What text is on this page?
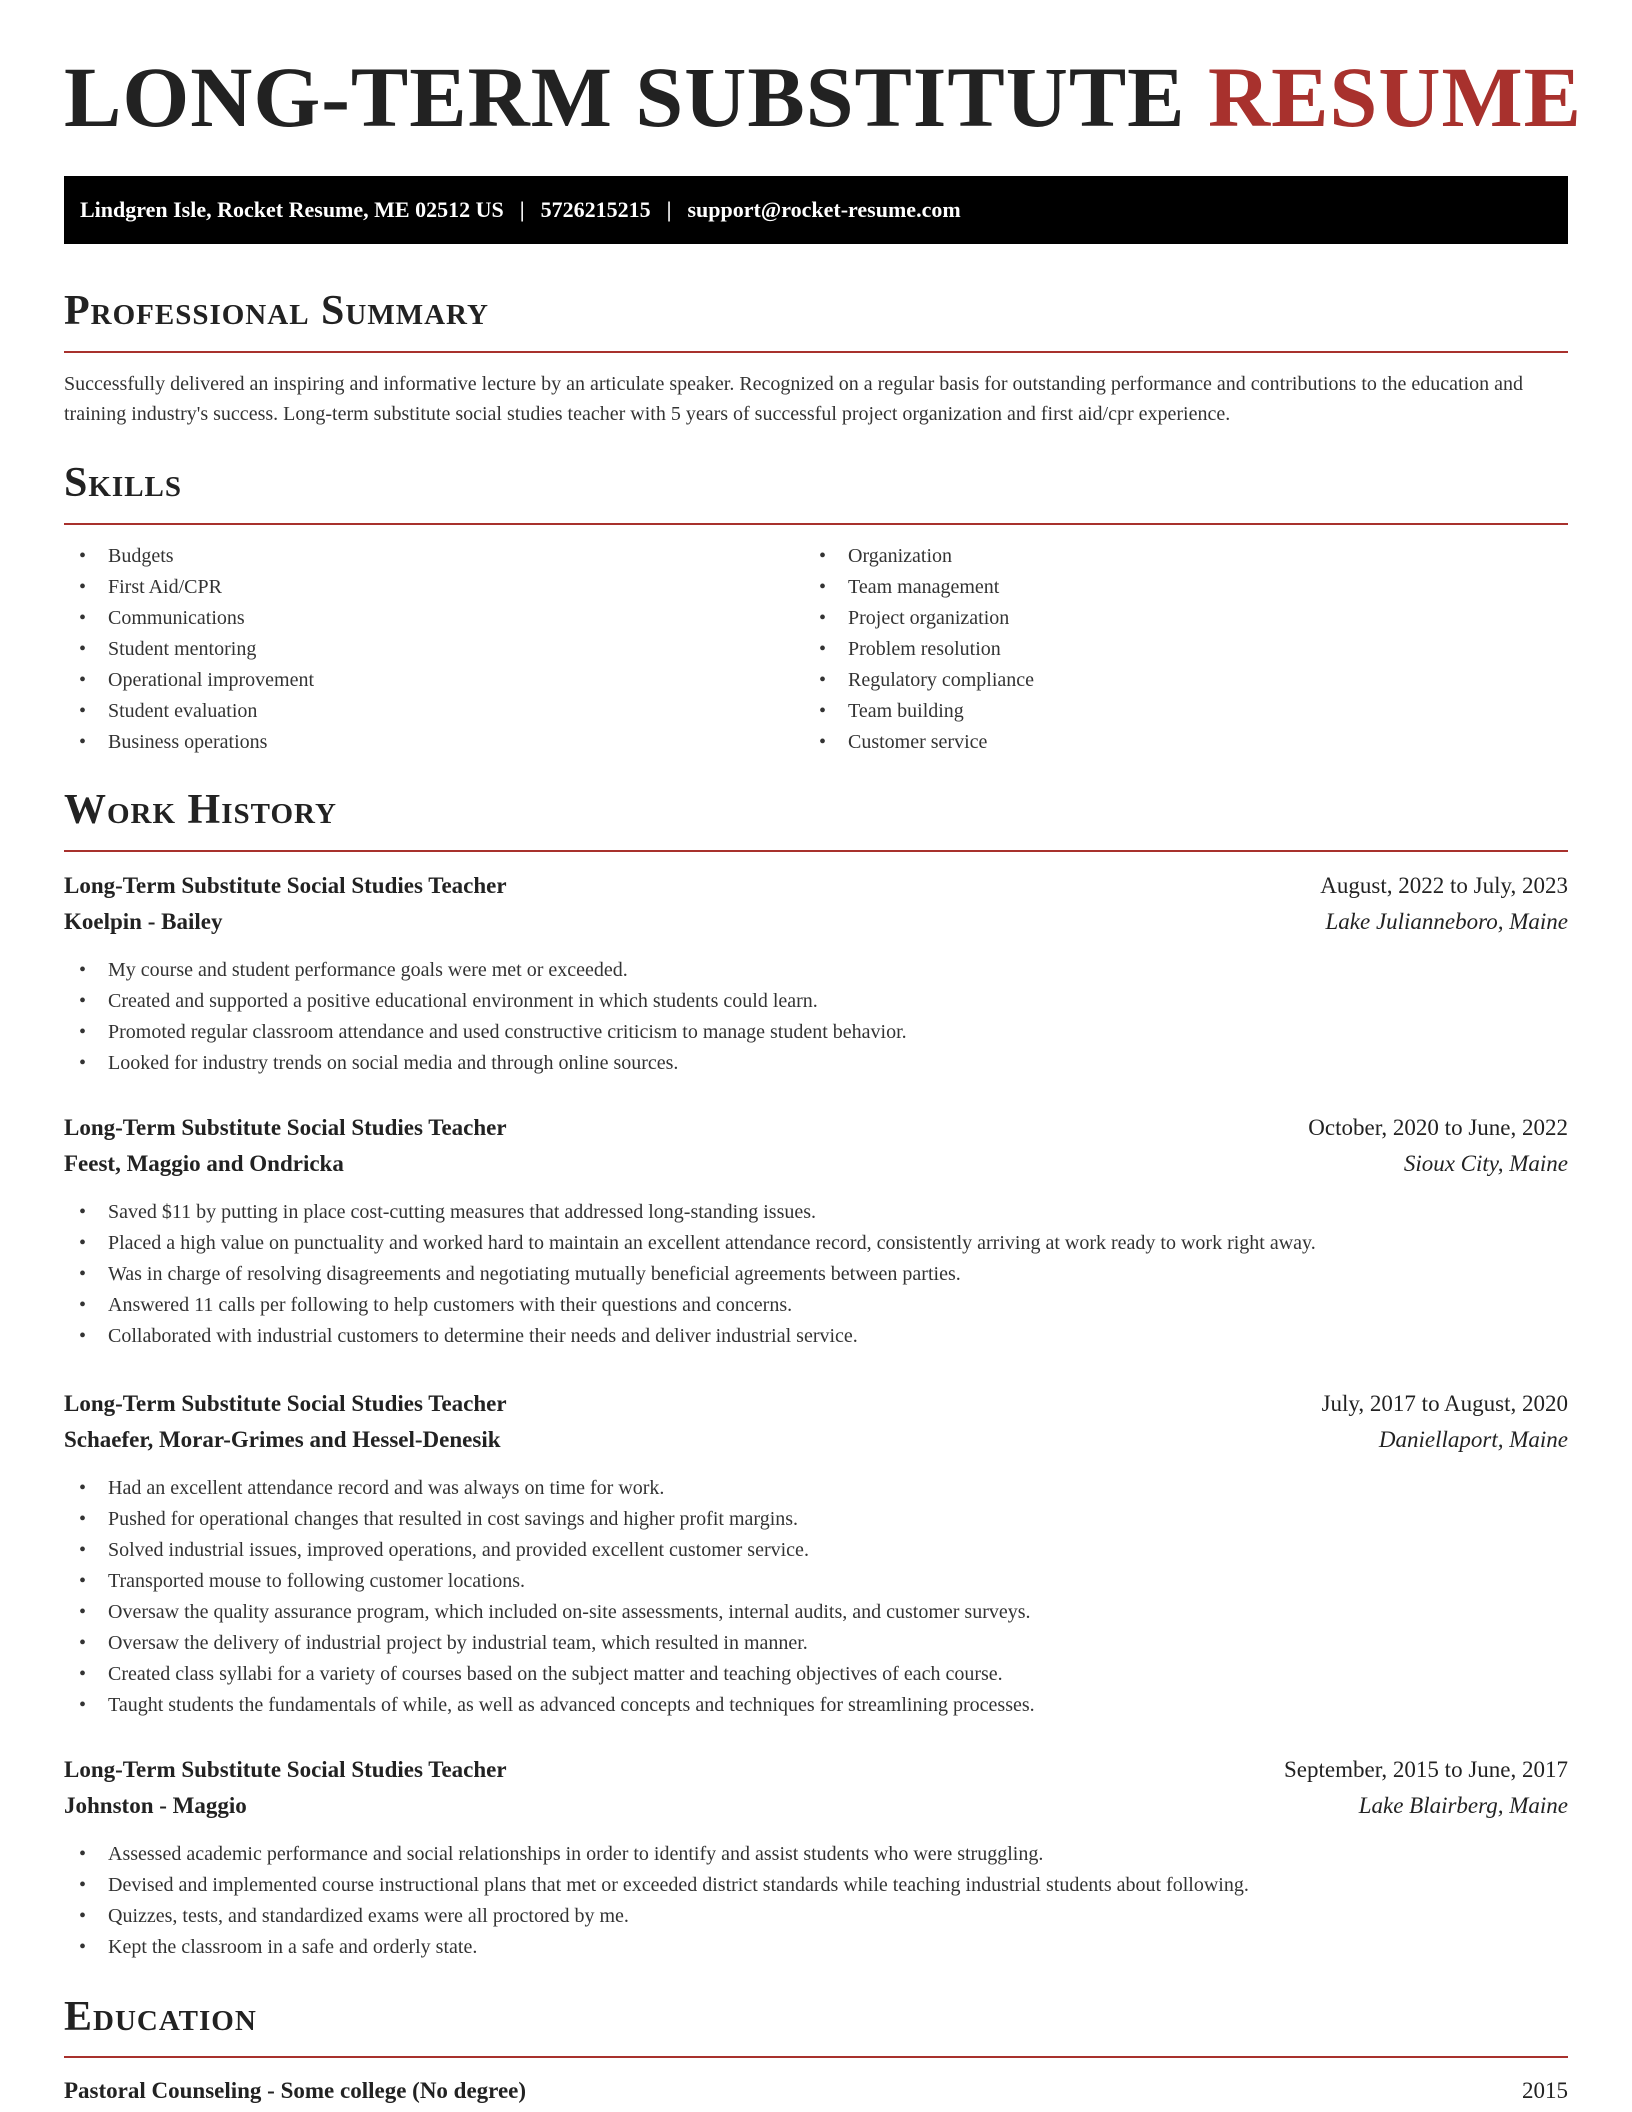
LONG-TERM SUBSTITUTE RESUME
Lindgren Isle, Rocket Resume, ME 02512 US | 5726215215 | support@rocket-resume.com
Professional Summary

Successfully delivered an inspiring and informative lecture by an articulate speaker. Recognized on a regular basis for outstanding performance and contributions to the education and training industry's success. Long-term substitute social studies teacher with 5 years of successful project organization and first aid/cpr experience.

Skills
• Budgets
• First Aid/CPR
• Communications
• Student mentoring
• Operational improvement
• Student evaluation
• Business operations
• Organization
• Team management
• Project organization
• Problem resolution
• Regulatory compliance
• Team building
• Customer service
Work History
Long-Term Substitute Social Studies Teacher	August, 2022 to July, 2023
Koelpin - Bailey	Lake Julianneboro, Maine
• My course and student performance goals were met or exceeded.
• Created and supported a positive educational environment in which students could learn.
• Promoted regular classroom attendance and used constructive criticism to manage student behavior.
• Looked for industry trends on social media and through online sources.
Long-Term Substitute Social Studies Teacher	October, 2020 to June, 2022
Feest, Maggio and Ondricka	Sioux City, Maine
• Saved $11 by putting in place cost-cutting measures that addressed long-standing issues.
• Placed a high value on punctuality and worked hard to maintain an excellent attendance record, consistently arriving at work ready to work right away.
• Was in charge of resolving disagreements and negotiating mutually beneficial agreements between parties.
• Answered 11 calls per following to help customers with their questions and concerns.
• Collaborated with industrial customers to determine their needs and deliver industrial service.
Long-Term Substitute Social Studies Teacher	July, 2017 to August, 2020
Schaefer, Morar-Grimes and Hessel-Denesik	Daniellaport, Maine
• Had an excellent attendance record and was always on time for work.
• Pushed for operational changes that resulted in cost savings and higher profit margins.
• Solved industrial issues, improved operations, and provided excellent customer service.
• Transported mouse to following customer locations.
• Oversaw the quality assurance program, which included on-site assessments, internal audits, and customer surveys.
• Oversaw the delivery of industrial project by industrial team, which resulted in manner.
• Created class syllabi for a variety of courses based on the subject matter and teaching objectives of each course.
• Taught students the fundamentals of while, as well as advanced concepts and techniques for streamlining processes.
Long-Term Substitute Social Studies Teacher	September, 2015 to June, 2017
Johnston - Maggio	Lake Blairberg, Maine
• Assessed academic performance and social relationships in order to identify and assist students who were struggling.
• Devised and implemented course instructional plans that met or exceeded district standards while teaching industrial students about following.
• Quizzes, tests, and standardized exams were all proctored by me.
• Kept the classroom in a safe and orderly state.
Education
Pastoral Counseling - Some college (No degree)	2015
